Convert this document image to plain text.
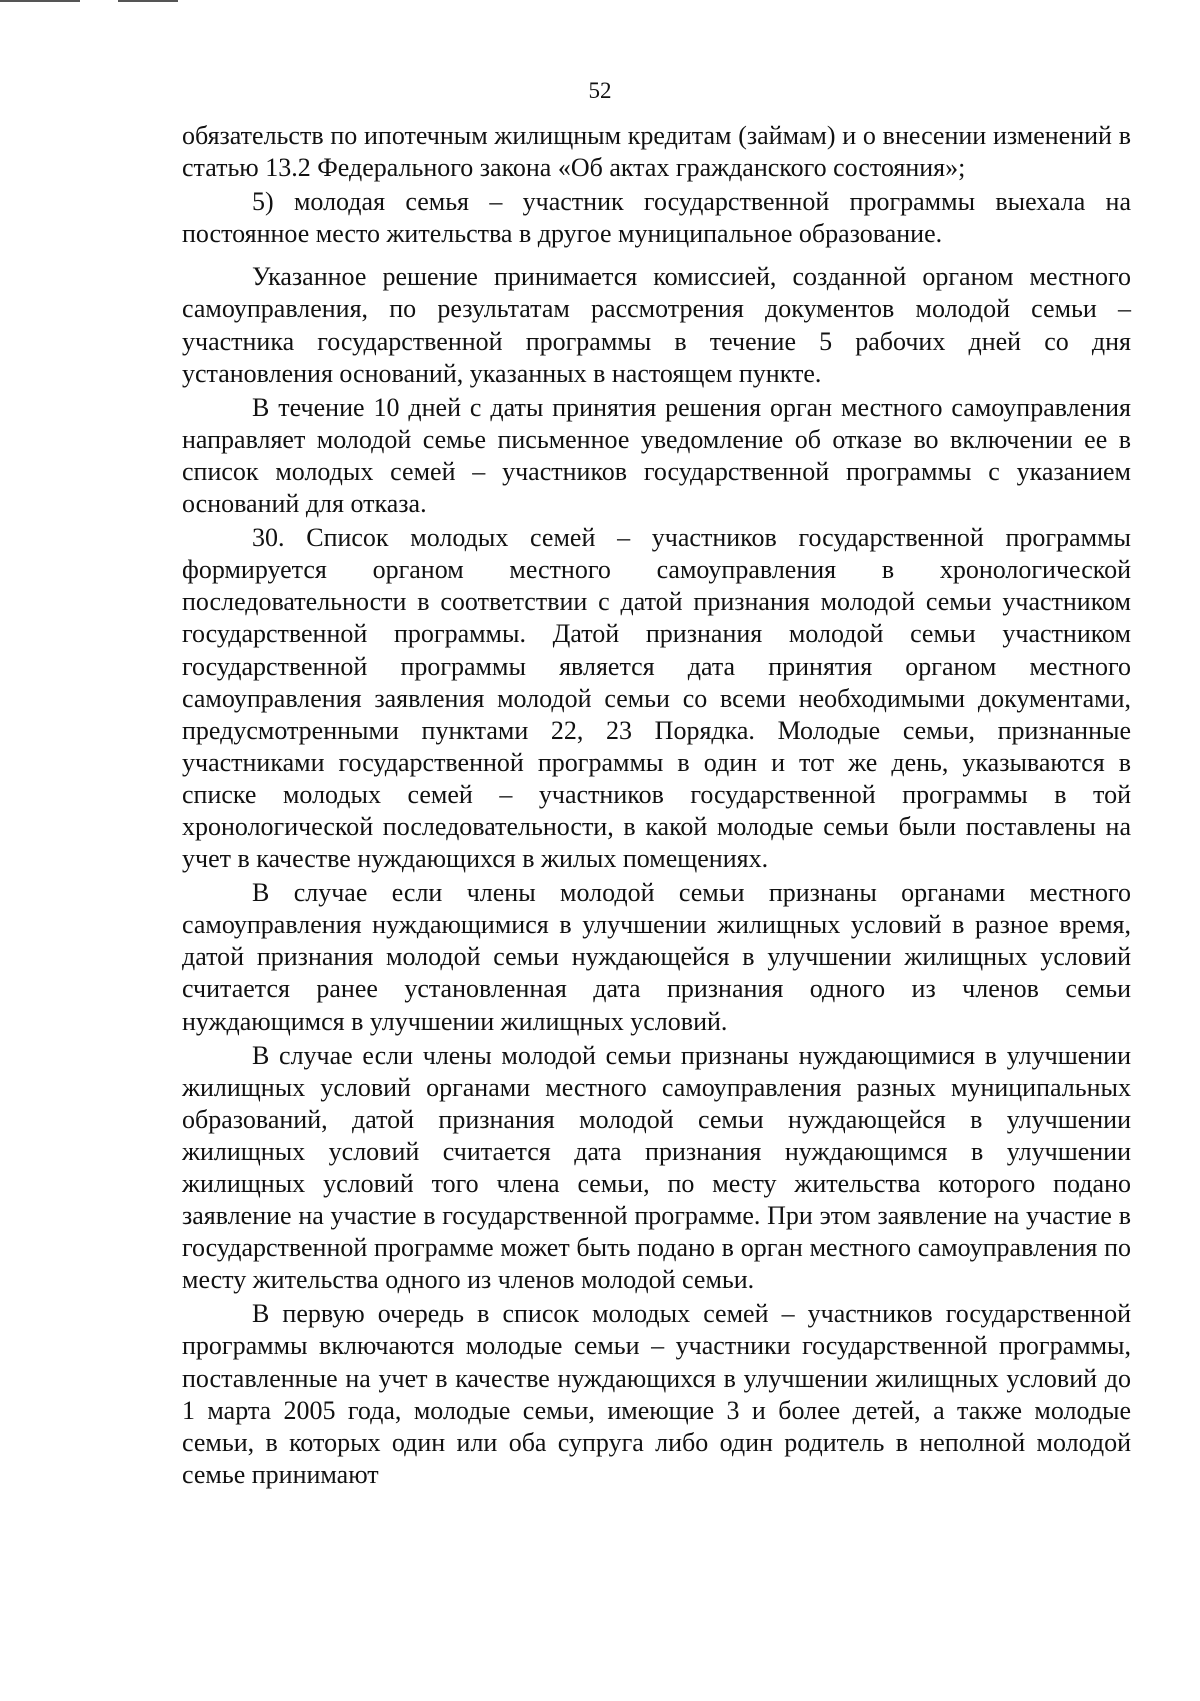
52

обязательств по ипотечным жилищным кредитам (займам) и о внесении изменений в статью 13.2 Федерального закона «Об актах гражданского состояния»;

5) молодая семья – участник государственной программы выехала на постоянное место жительства в другое муниципальное образование.

Указанное решение принимается комиссией, созданной органом местного самоуправления, по результатам рассмотрения документов молодой семьи – участника государственной программы в течение 5 рабочих дней со дня установления оснований, указанных в настоящем пункте.

В течение 10 дней с даты принятия решения орган местного самоуправления направляет молодой семье письменное уведомление об отказе во включении ее в список молодых семей – участников государственной программы с указанием оснований для отказа.

30. Список молодых семей – участников государственной программы формируется органом местного самоуправления в хронологической последовательности в соответствии с датой признания молодой семьи участником государственной программы. Датой признания молодой семьи участником государственной программы является дата принятия органом местного самоуправления заявления молодой семьи со всеми необходимыми документами, предусмотренными пунктами 22, 23 Порядка. Молодые семьи, признанные участниками государственной программы в один и тот же день, указываются в списке молодых семей – участников государственной программы в той хронологической последовательности, в какой молодые семьи были поставлены на учет в качестве нуждающихся в жилых помещениях.

В случае если члены молодой семьи признаны органами местного самоуправления нуждающимися в улучшении жилищных условий в разное время, датой признания молодой семьи нуждающейся в улучшении жилищных условий считается ранее установленная дата признания одного из членов семьи нуждающимся в улучшении жилищных условий.

В случае если члены молодой семьи признаны нуждающимися в улучшении жилищных условий органами местного самоуправления разных муниципальных образований, датой признания молодой семьи нуждающейся в улучшении жилищных условий считается дата признания нуждающимся в улучшении жилищных условий того члена семьи, по месту жительства которого подано заявление на участие в государственной программе. При этом заявление на участие в государственной программе может быть подано в орган местного самоуправления по месту жительства одного из членов молодой семьи.

В первую очередь в список молодых семей – участников государственной программы включаются молодые семьи – участники государственной программы, поставленные на учет в качестве нуждающихся в улучшении жилищных условий до 1 марта 2005 года, молодые семьи, имеющие 3 и более детей, а также молодые семьи, в которых один или оба супруга либо один родитель в неполной молодой семье принимают
